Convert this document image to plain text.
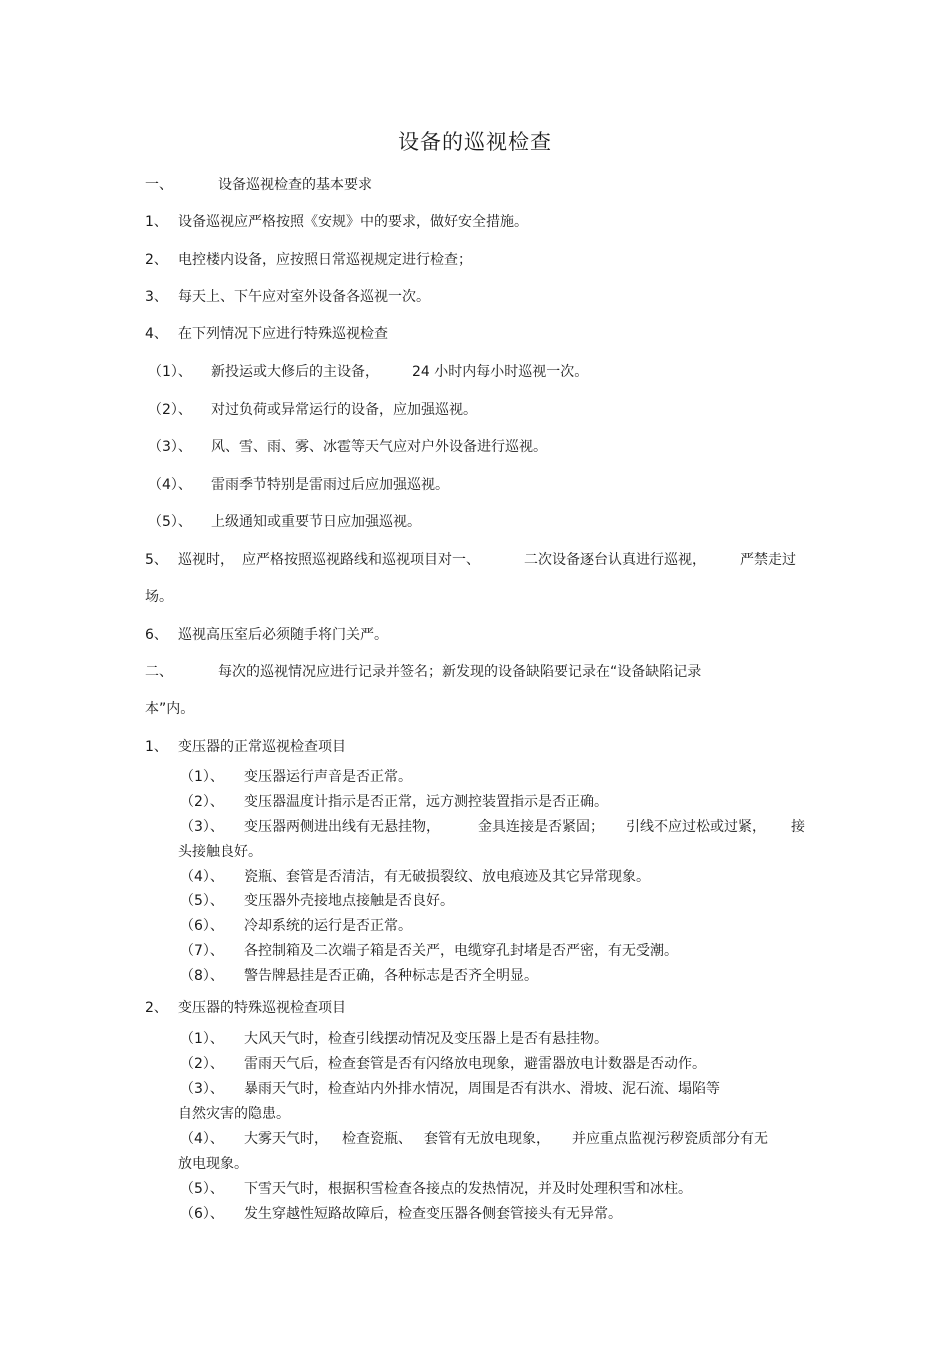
设备的巡视检查
一、	设备巡视检查的基本要求
1、 设备巡视应严格按照《安规》中的要求，做好安全措施。
2、 电控楼内设备，应按照日常巡视规定进行检查；
3、 每天上、下午应对室外设备各巡视一次。
4、 在下列情况下应进行特殊巡视检查
（1）、 新投运或大修后的主设备， 24 小时内每小时巡视一次。
（2）、 对过负荷或异常运行的设备，应加强巡视。
（3）、 风、雪、雨、雾、冰雹等天气应对户外设备进行巡视。
（4）、 雷雨季节特别是雷雨过后应加强巡视。
（5）、 上级通知或重要节日应加强巡视。
5、 巡视时， 应严格按照巡视路线和巡视项目对一、	二次设备逐台认真进行巡视， 严禁走过
场。
6、 巡视高压室后必须随手将门关严。
二、	每次的巡视情况应进行记录并签名；新发现的设备缺陷要记录在“设备缺陷记录
本”内。
1、 变压器的正常巡视检查项目
（1）、 变压器运行声音是否正常。
（2）、 变压器温度计指示是否正常，远方测控装置指示是否正确。
（3）、 变压器两侧进出线有无悬挂物，	金具连接是否紧固； 引线不应过松或过紧， 接
头接触良好。
（4）、 瓷瓶、套管是否清洁，有无破损裂纹、放电痕迹及其它异常现象。
（5）、 变压器外壳接地点接触是否良好。
（6）、 冷却系统的运行是否正常。
（7）、 各控制箱及二次端子箱是否关严，电缆穿孔封堵是否严密，有无受潮。
（8）、 警告牌悬挂是否正确，各种标志是否齐全明显。
2、 变压器的特殊巡视检查项目
（1）、 大风天气时，检查引线摆动情况及变压器上是否有悬挂物。
（2）、 雷雨天气后，检查套管是否有闪络放电现象，避雷器放电计数器是否动作。
（3）、 暴雨天气时，检查站内外排水情况，周围是否有洪水、滑坡、泥石流、塌陷等
自然灾害的隐患。
（4）、 大雾天气时， 检查瓷瓶、 套管有无放电现象， 并应重点监视污秽瓷质部分有无
放电现象。
（5）、 下雪天气时，根据积雪检查各接点的发热情况，并及时处理积雪和冰柱。
（6）、 发生穿越性短路故障后，检查变压器各侧套管接头有无异常。
